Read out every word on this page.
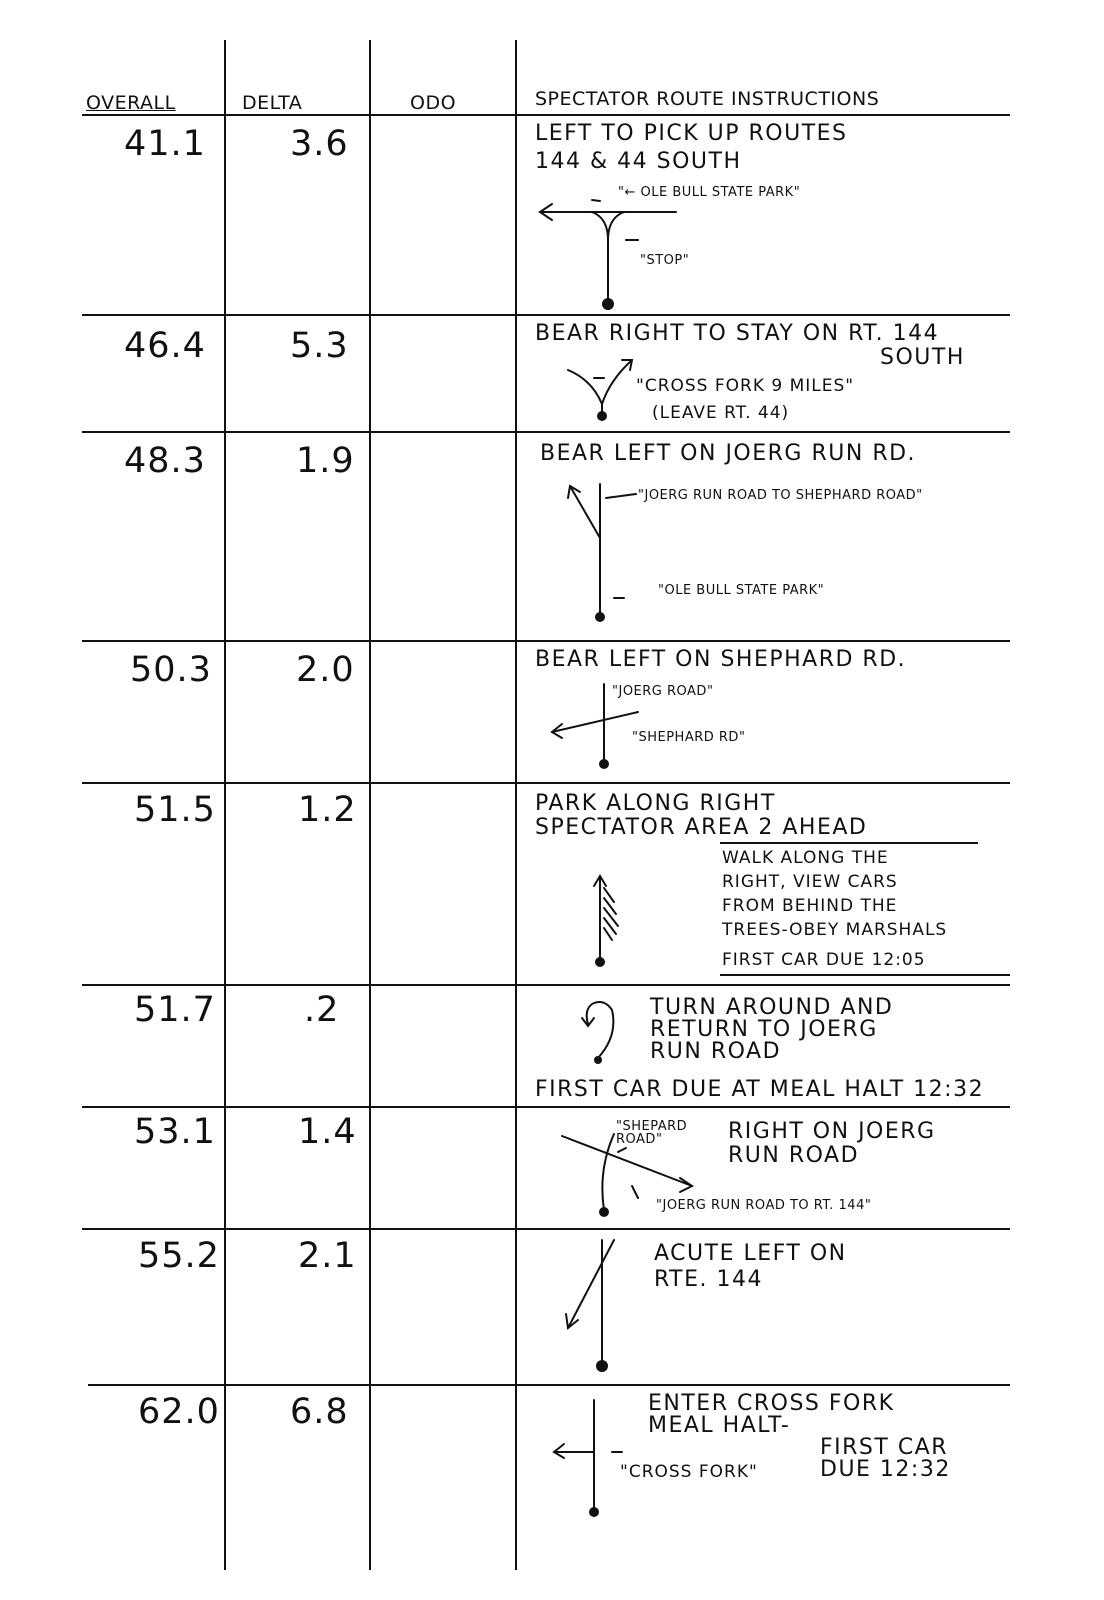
OVERALL	DELTA	ODO	SPECTATOR ROUTE INSTRUCTIONS
41.1 3.6	LEFT TO PICK UP ROUTES
144 & 44 SOUTH
"← OLE BULL STATE PARK"
"STOP"
46.4 5.3	BEAR RIGHT TO STAY ON RT. 144
SOUTH
"CROSS FORK 9 MILES"
(LEAVE RT. 44)
48.3	1.9	BEAR LEFT ON JOERG RUN RD.
"JOERG RUN ROAD TO SHEPHARD ROAD"
"OLE BULL STATE PARK"
50.3 2.0	BEAR LEFT ON SHEPHARD RD.
"JOERG ROAD"
"SHEPHARD RD"
51.5 1.2	PARK ALONG RIGHT
SPECTATOR AREA 2 AHEAD
WALK ALONG THE
RIGHT, VIEW CARS
FROM BEHIND THE
TREES-OBEY MARSHALS
FIRST CAR DUE 12:05
51.7	.2	TURN AROUND AND
RETURN TO JOERG
RUN ROAD
FIRST CAR DUE AT MEAL HALT 12:32
53.1 1.4	RIGHT ON JOERG
RUN ROAD
"SHEPARD ROAD"
"JOERG RUN ROAD TO RT. 144"
55.2 2.1	ACUTE LEFT ON
RTE. 144
62.0 6.8	ENTER CROSS FORK
MEAL HALT-
FIRST CAR
DUE 12:32
"CROSS FORK"
